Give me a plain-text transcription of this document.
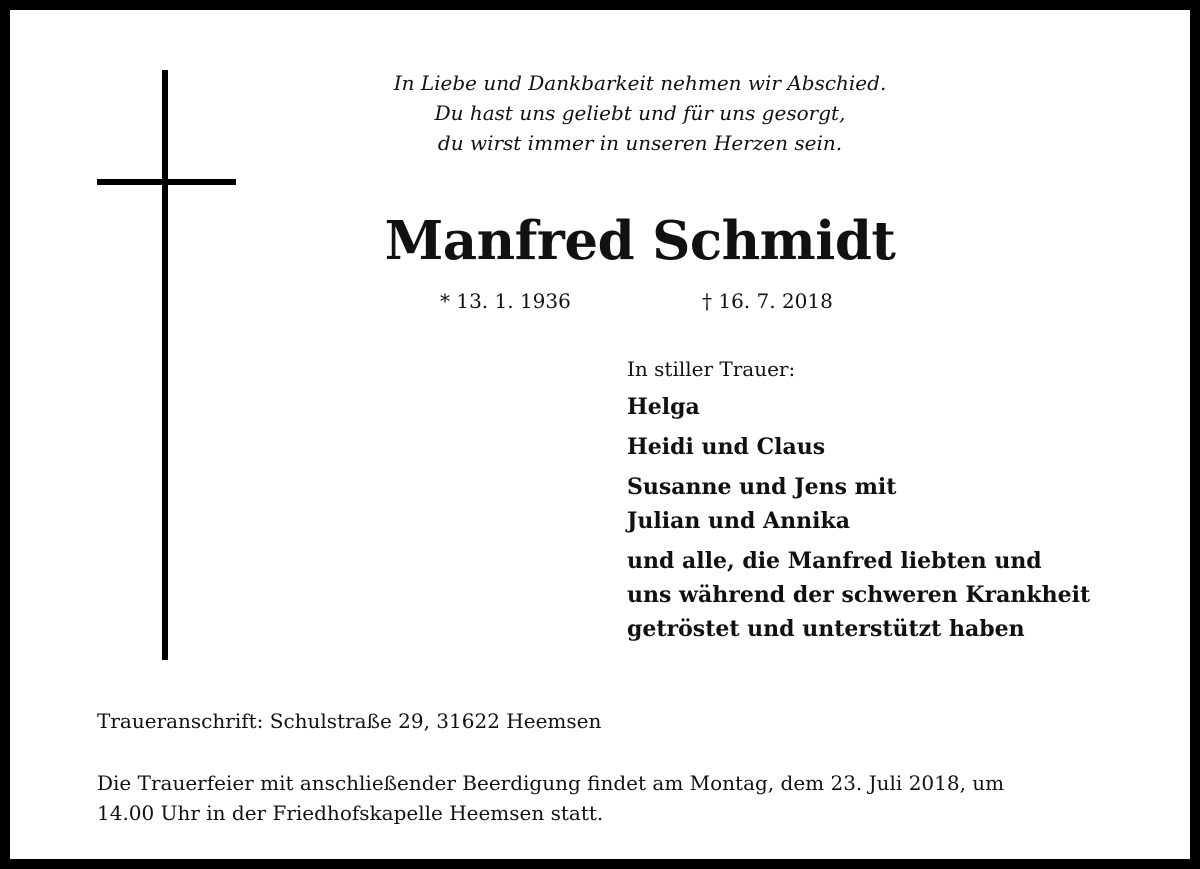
In Liebe und Dankbarkeit nehmen wir Abschied.
Du hast uns geliebt und für uns gesorgt,
du wirst immer in unseren Herzen sein.
Manfred Schmidt
* 13. 1. 1936	† 16. 7. 2018
In stiller Trauer:
Helga
Heidi und Claus
Susanne und Jens mit
Julian und Annika
und alle, die Manfred liebten und
uns während der schweren Krankheit
getröstet und unterstützt haben
Traueranschrift: Schulstraße 29, 31622 Heemsen
Die Trauerfeier mit anschließender Beerdigung findet am Montag, dem 23. Juli 2018, um
14.00 Uhr in der Friedhofskapelle Heemsen statt.
